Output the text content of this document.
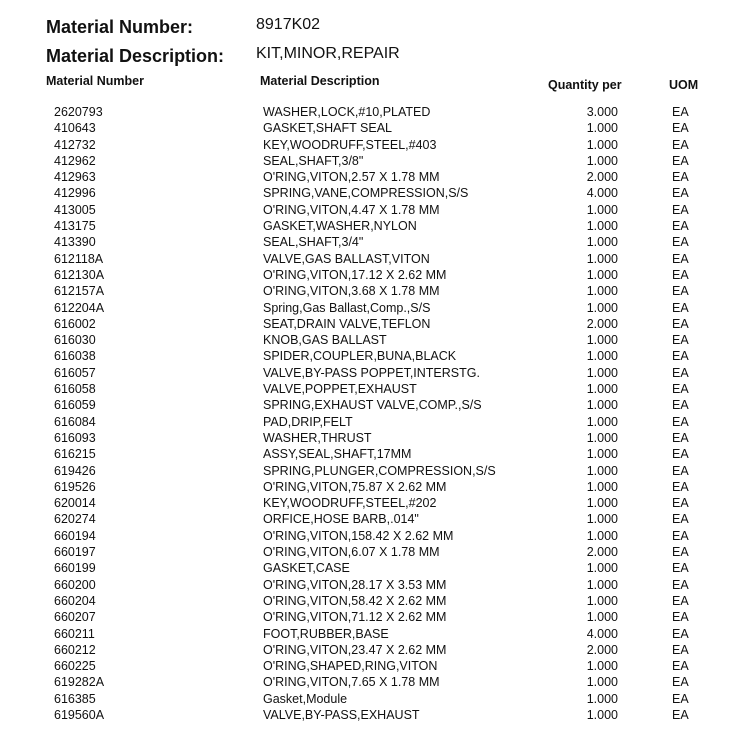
Material Number:	8917K02
Material Description: KIT,MINOR,REPAIR
Material Number	Material Description	Quantity per	UOM
2620793	WASHER,LOCK,#10,PLATED	3.000	EA
410643	GASKET,SHAFT SEAL	1.000	EA
412732	KEY,WOODRUFF,STEEL,#403	1.000	EA
412962	SEAL,SHAFT,3/8"	1.000	EA
412963	O'RING,VITON,2.57 X 1.78 MM	2.000	EA
412996	SPRING,VANE,COMPRESSION,S/S	4.000	EA
413005	O'RING,VITON,4.47 X 1.78 MM	1.000	EA
413175	GASKET,WASHER,NYLON	1.000	EA
413390	SEAL,SHAFT,3/4"	1.000	EA
612118A	VALVE,GAS BALLAST,VITON	1.000	EA
612130A	O'RING,VITON,17.12 X 2.62 MM	1.000	EA
612157A	O'RING,VITON,3.68 X 1.78 MM	1.000	EA
612204A	Spring,Gas Ballast,Comp.,S/S	1.000	EA
616002	SEAT,DRAIN VALVE,TEFLON	2.000	EA
616030	KNOB,GAS BALLAST	1.000	EA
616038	SPIDER,COUPLER,BUNA,BLACK	1.000	EA
616057	VALVE,BY-PASS POPPET,INTERSTG.	1.000	EA
616058	VALVE,POPPET,EXHAUST	1.000	EA
616059	SPRING,EXHAUST VALVE,COMP.,S/S	1.000	EA
616084	PAD,DRIP,FELT	1.000	EA
616093	WASHER,THRUST	1.000	EA
616215	ASSY,SEAL,SHAFT,17MM	1.000	EA
619426	SPRING,PLUNGER,COMPRESSION,S/S	1.000	EA
619526	O'RING,VITON,75.87 X 2.62 MM	1.000	EA
620014	KEY,WOODRUFF,STEEL,#202	1.000	EA
620274	ORFICE,HOSE BARB,.014"	1.000	EA
660194	O'RING,VITON,158.42 X 2.62 MM	1.000	EA
660197	O'RING,VITON,6.07 X 1.78 MM	2.000	EA
660199	GASKET,CASE	1.000	EA
660200	O'RING,VITON,28.17 X 3.53 MM	1.000	EA
660204	O'RING,VITON,58.42 X 2.62 MM	1.000	EA
660207	O'RING,VITON,71.12 X 2.62 MM	1.000	EA
660211	FOOT,RUBBER,BASE	4.000	EA
660212	O'RING,VITON,23.47 X 2.62 MM	2.000	EA
660225	O'RING,SHAPED,RING,VITON	1.000	EA
619282A	O'RING,VITON,7.65 X 1.78 MM	1.000	EA
616385	Gasket,Module	1.000	EA
619560A	VALVE,BY-PASS,EXHAUST	1.000	EA
